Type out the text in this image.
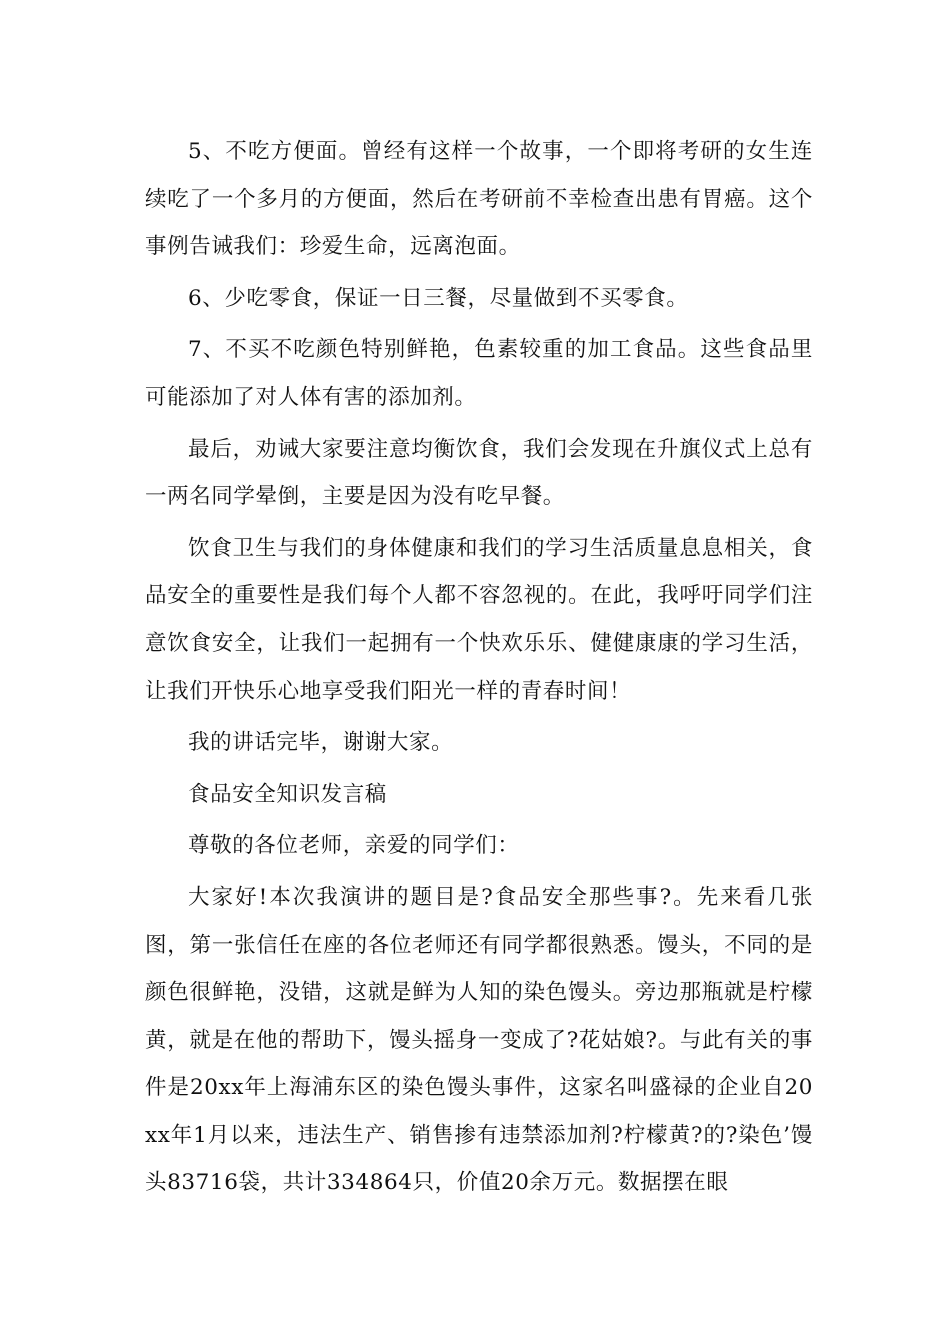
5、不吃方便面。曾经有这样一个故事，一个即将考研的女生连续吃了一个多月的方便面，然后在考研前不幸检查出患有胃癌。这个事例告诫我们：珍爱生命，远离泡面。

6、少吃零食，保证一日三餐，尽量做到不买零食。

7、不买不吃颜色特别鲜艳，色素较重的加工食品。这些食品里可能添加了对人体有害的添加剂。

最后，劝诫大家要注意均衡饮食，我们会发现在升旗仪式上总有一两名同学晕倒，主要是因为没有吃早餐。

饮食卫生与我们的身体健康和我们的学习生活质量息息相关，食品安全的重要性是我们每个人都不容忽视的。在此，我呼吁同学们注意饮食安全，让我们一起拥有一个快欢乐乐、健健康康的学习生活，让我们开快乐心地享受我们阳光一样的青春时间！

我的讲话完毕，谢谢大家。

食品安全知识发言稿

尊敬的各位老师，亲爱的同学们：

大家好!本次我演讲的题目是?食品安全那些事?。先来看几张图，第一张信任在座的各位老师还有同学都很熟悉。馒头，不同的是颜色很鲜艳，没错，这就是鲜为人知的染色馒头。旁边那瓶就是柠檬黄，就是在他的帮助下，馒头摇身一变成了?花姑娘?。与此有关的事件是20xx年上海浦东区的染色馒头事件，这家名叫盛禄的企业自20xx年1月以来，违法生产、销售掺有违禁添加剂?柠檬黄?的?染色’馒头83716袋，共计334864只，价值20余万元。数据摆在眼
